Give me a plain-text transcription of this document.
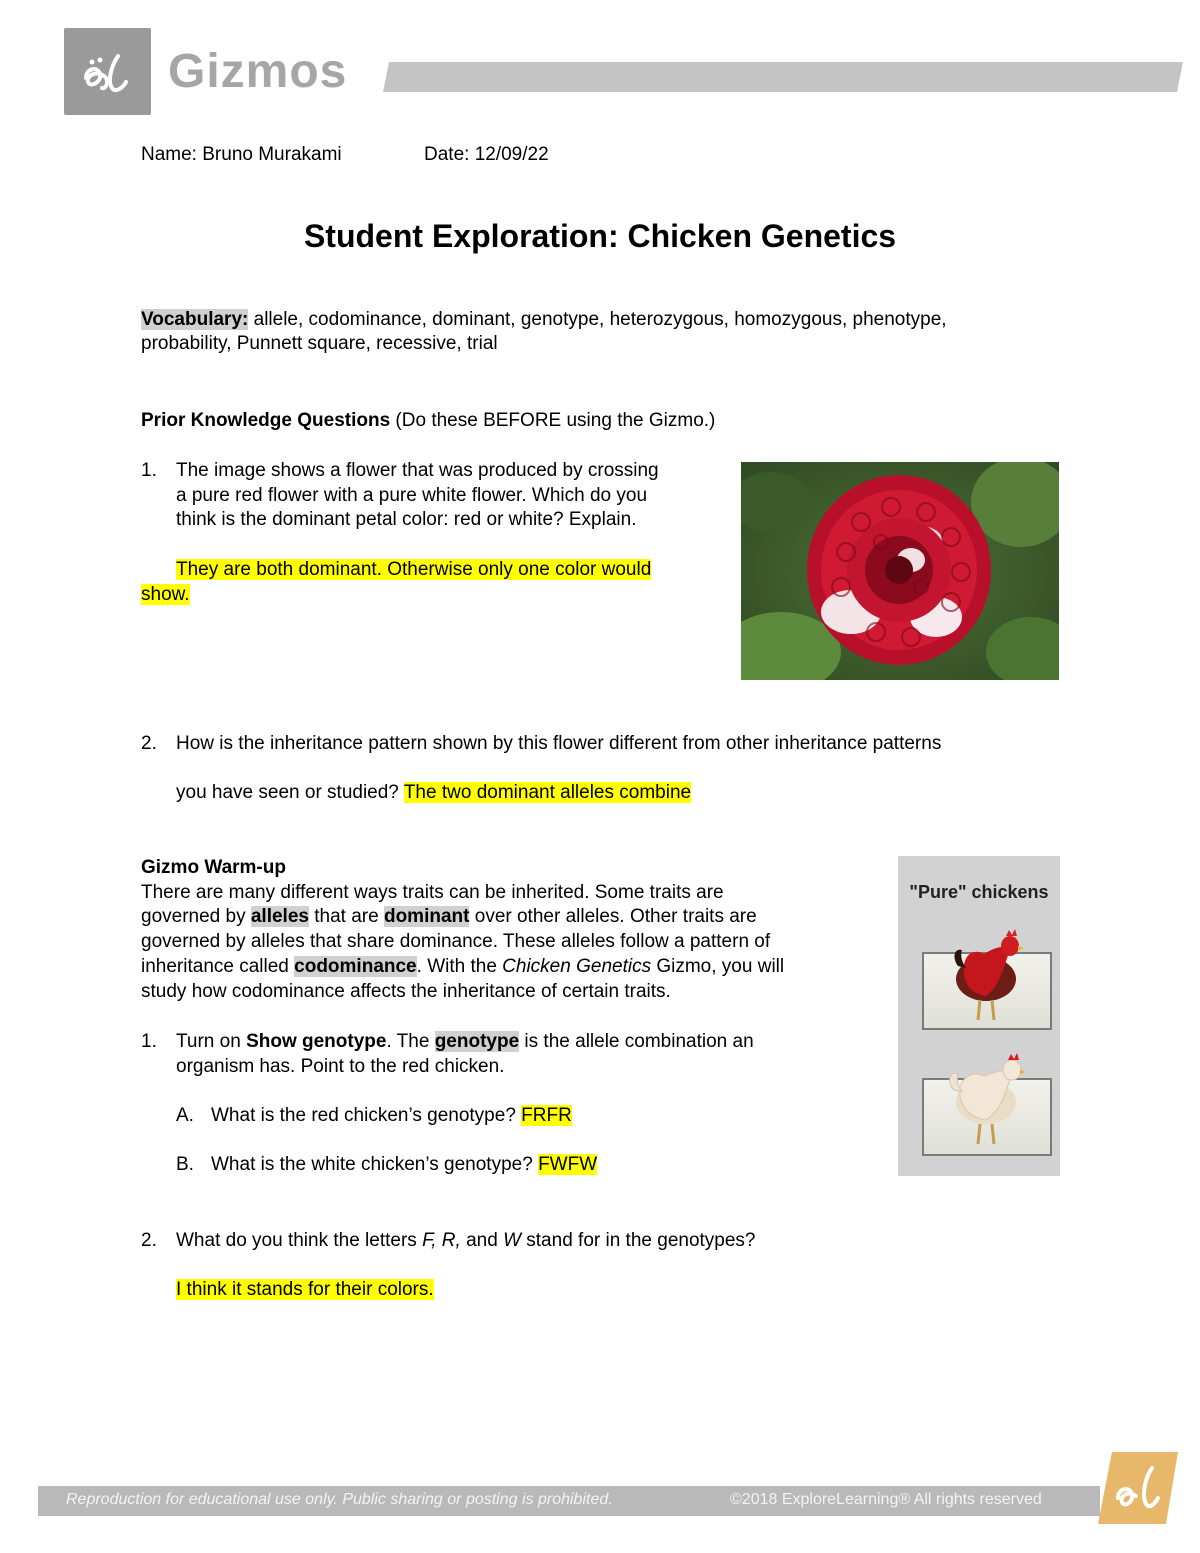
Gizmos
Name: Bruno Murakami	Date: 12/09/22
Student Exploration: Chicken Genetics
Vocabulary: allele, codominance, dominant, genotype, heterozygous, homozygous, phenotype,
probability, Punnett square, recessive, trial
Prior Knowledge Questions (Do these BEFORE using the Gizmo.)
1. The image shows a flower that was produced by crossing
a pure red flower with a pure white flower. Which do you
think is the dominant petal color: red or white? Explain.
They are both dominant. Otherwise only one color would
show.
2. How is the inheritance pattern shown by this flower different from other inheritance patterns
you have seen or studied? The two dominant alleles combine
Gizmo Warm-up
There are many different ways traits can be inherited. Some traits are
governed by alleles that are dominant over other alleles. Other traits are
governed by alleles that share dominance. These alleles follow a pattern of
inheritance called codominance. With the Chicken Genetics Gizmo, you will
study how codominance affects the inheritance of certain traits.
1. Turn on Show genotype. The genotype is the allele combination an
organism has. Point to the red chicken.
A. What is the red chicken’s genotype? FRFR
B. What is the white chicken’s genotype? FWFW
2. What do you think the letters F, R, and W stand for in the genotypes?
I think it stands for their colors.
"Pure" chickens
Reproduction for educational use only. Public sharing or posting is prohibited.	©2018 ExploreLearning® All rights reserved
